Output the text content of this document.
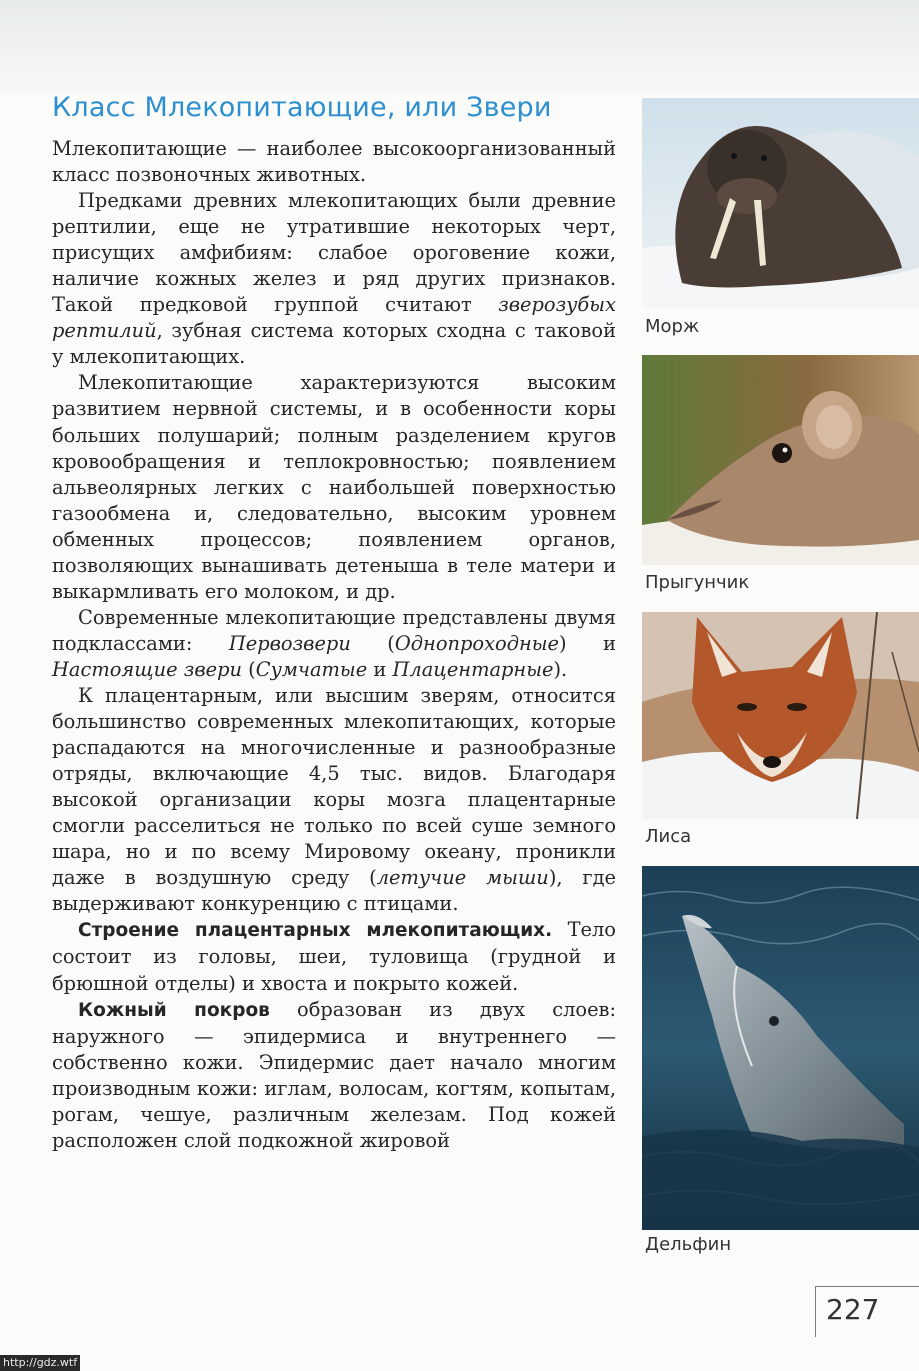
Класс Млекопитающие, или Звери

Млекопитающие — наиболее высокоорганизованный класс позвоночных животных.

Предками древних млекопитающих были древние рептилии, еще не утратившие некоторых черт, присущих амфибиям: слабое ороговение кожи, наличие кожных желез и ряд других признаков. Такой предковой группой считают зверозубых рептилий, зубная система которых сходна с таковой у млекопитающих.

Млекопитающие характеризуются высоким развитием нервной системы, и в особенности коры больших полушарий; полным разделением кругов кровообращения и теплокровностью; появлением альвеолярных легких с наибольшей поверхностью газообмена и, следовательно, высоким уровнем обменных процессов; появлением органов, позволяющих вынашивать детеныша в теле матери и выкармливать его молоком, и др.

Современные млекопитающие представлены двумя подклассами: Первозвери (Однопроходные) и Настоящие звери (Сумчатые и Плацентарные).

К плацентарным, или высшим зверям, относится большинство современных млекопитающих, которые распадаются на многочисленные и разнообразные отряды, включающие 4,5 тыс. видов. Благодаря высокой организации коры мозга плацентарные смогли расселиться не только по всей суше земного шара, но и по всему Мировому океану, проникли даже в воздушную среду (летучие мыши), где выдерживают конкуренцию с птицами.

Строение плацентарных млекопитающих. Тело состоит из головы, шеи, туловища (грудной и брюшной отделы) и хвоста и покрыто кожей.

Кожный покров образован из двух слоев: наружного — эпидермиса и внутреннего — собственно кожи. Эпидермис дает начало многим производным кожи: иглам, волосам, когтям, копытам, рогам, чешуе, различным железам. Под кожей расположен слой подкожной жировой

Морж

Прыгунчик

Лиса

Дельфин

227
http://gdz.wtf
